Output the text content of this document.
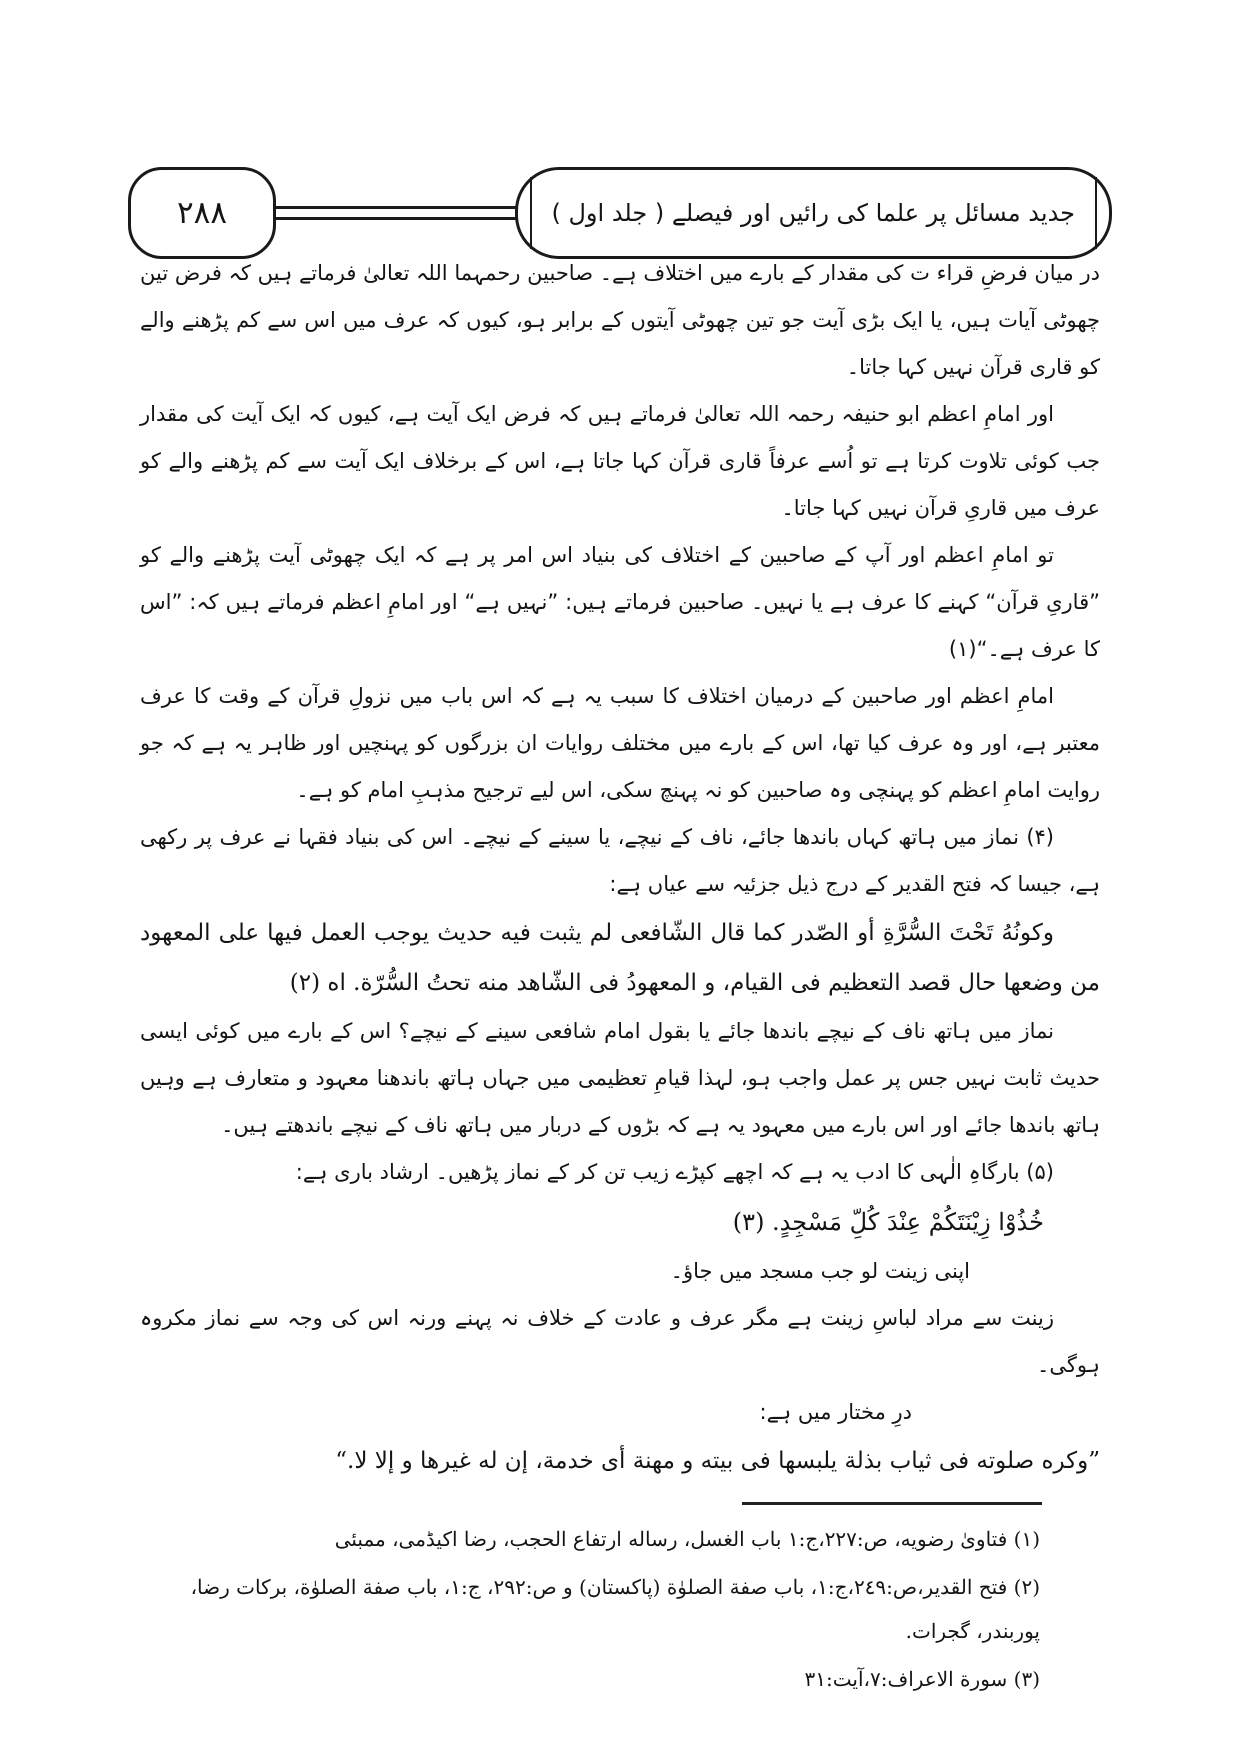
۲۸۸	جدید مسائل پر علما کی رائیں اور فیصلے ( جلد اول )

در میان فرضِ قراء ت کی مقدار کے بارے میں اختلاف ہے۔ صاحبین رحمہما اللہ تعالیٰ فرماتے ہیں کہ فرض تین چھوٹی آیات ہیں، یا ایک بڑی آیت جو تین چھوٹی آیتوں کے برابر ہو، کیوں کہ عرف میں اس سے کم پڑھنے والے کو قاری قرآن نہیں کہا جاتا۔

اور امامِ اعظم ابو حنیفہ رحمہ اللہ تعالیٰ فرماتے ہیں کہ فرض ایک آیت ہے، کیوں کہ ایک آیت کی مقدار جب کوئی تلاوت کرتا ہے تو اُسے عرفاً قاری قرآن کہا جاتا ہے، اس کے برخلاف ایک آیت سے کم پڑھنے والے کو عرف میں قاریِ قرآن نہیں کہا جاتا۔

تو امامِ اعظم اور آپ کے صاحبین کے اختلاف کی بنیاد اس امر پر ہے کہ ایک چھوٹی آیت پڑھنے والے کو ”قاریِ قرآن“ کہنے کا عرف ہے یا نہیں۔ صاحبین فرماتے ہیں: ”نہیں ہے“ اور امامِ اعظم فرماتے ہیں کہ: ”اس کا عرف ہے۔“(۱)

امامِ اعظم اور صاحبین کے درمیان اختلاف کا سبب یہ ہے کہ اس باب میں نزولِ قرآن کے وقت کا عرف معتبر ہے، اور وہ عرف کیا تھا، اس کے بارے میں مختلف روایات ان بزرگوں کو پہنچیں اور ظاہر یہ ہے کہ جو روایت امامِ اعظم کو پہنچی وہ صاحبین کو نہ پہنچ سکی، اس لیے ترجیح مذہبِ امام کو ہے۔

(۴) نماز میں ہاتھ کہاں باندھا جائے، ناف کے نیچے، یا سینے کے نیچے۔ اس کی بنیاد فقہا نے عرف پر رکھی ہے، جیسا کہ فتح القدیر کے درج ذیل جزئیہ سے عیاں ہے:

وكونُهُ تَحْتَ السُّرَّةِ أو الصّدر كما قال الشّافعى لم يثبت فيه حديث يوجب العمل فيها على المعهود من وضعها حال قصد التعظيم فى القيام، و المعهودُ فى الشّاهد منه تحتُ السُّرّة. اه (٢)

نماز میں ہاتھ ناف کے نیچے باندھا جائے یا بقول امام شافعی سینے کے نیچے؟ اس کے بارے میں کوئی ایسی حدیث ثابت نہیں جس پر عمل واجب ہو، لہذا قیامِ تعظیمی میں جہاں ہاتھ باندھنا معہود و متعارف ہے وہیں ہاتھ باندھا جائے اور اس بارے میں معہود یہ ہے کہ بڑوں کے دربار میں ہاتھ ناف کے نیچے باندھتے ہیں۔

(۵) بارگاہِ الٰہی کا ادب یہ ہے کہ اچھے کپڑے زیب تن کر کے نماز پڑھیں۔ ارشاد باری ہے:

خُذُوْا زِيْنَتَكُمْ عِنْدَ كُلِّ مَسْجِدٍ. (٣)

اپنی زینت لو جب مسجد میں جاؤ۔

زینت سے مراد لباسِ زینت ہے مگر عرف و عادت کے خلاف نہ پہنے ورنہ اس کی وجہ سے نماز مکروہ ہوگی۔

درِ مختار میں ہے:

”وكره صلوته فى ثياب بذلة يلبسها فى بيته و مهنة أى خدمة، إن له غيرها و إلا لا.“

(١) فتاوىٰ رضويه، ص:٢٢٧،ج:١ باب الغسل، رساله ارتفاع الحجب، رضا اكيڈمى، ممبئى

(٢) فتح القدير،ص:٢٤٩،ج:١، باب صفة الصلوٰة (پاكستان) و ص:٢٩٢، ج:١، باب صفة الصلوٰة، بركات رضا، پوربندر، گجرات.

(٣) سورة الاعراف:٧،آيت:٣١
